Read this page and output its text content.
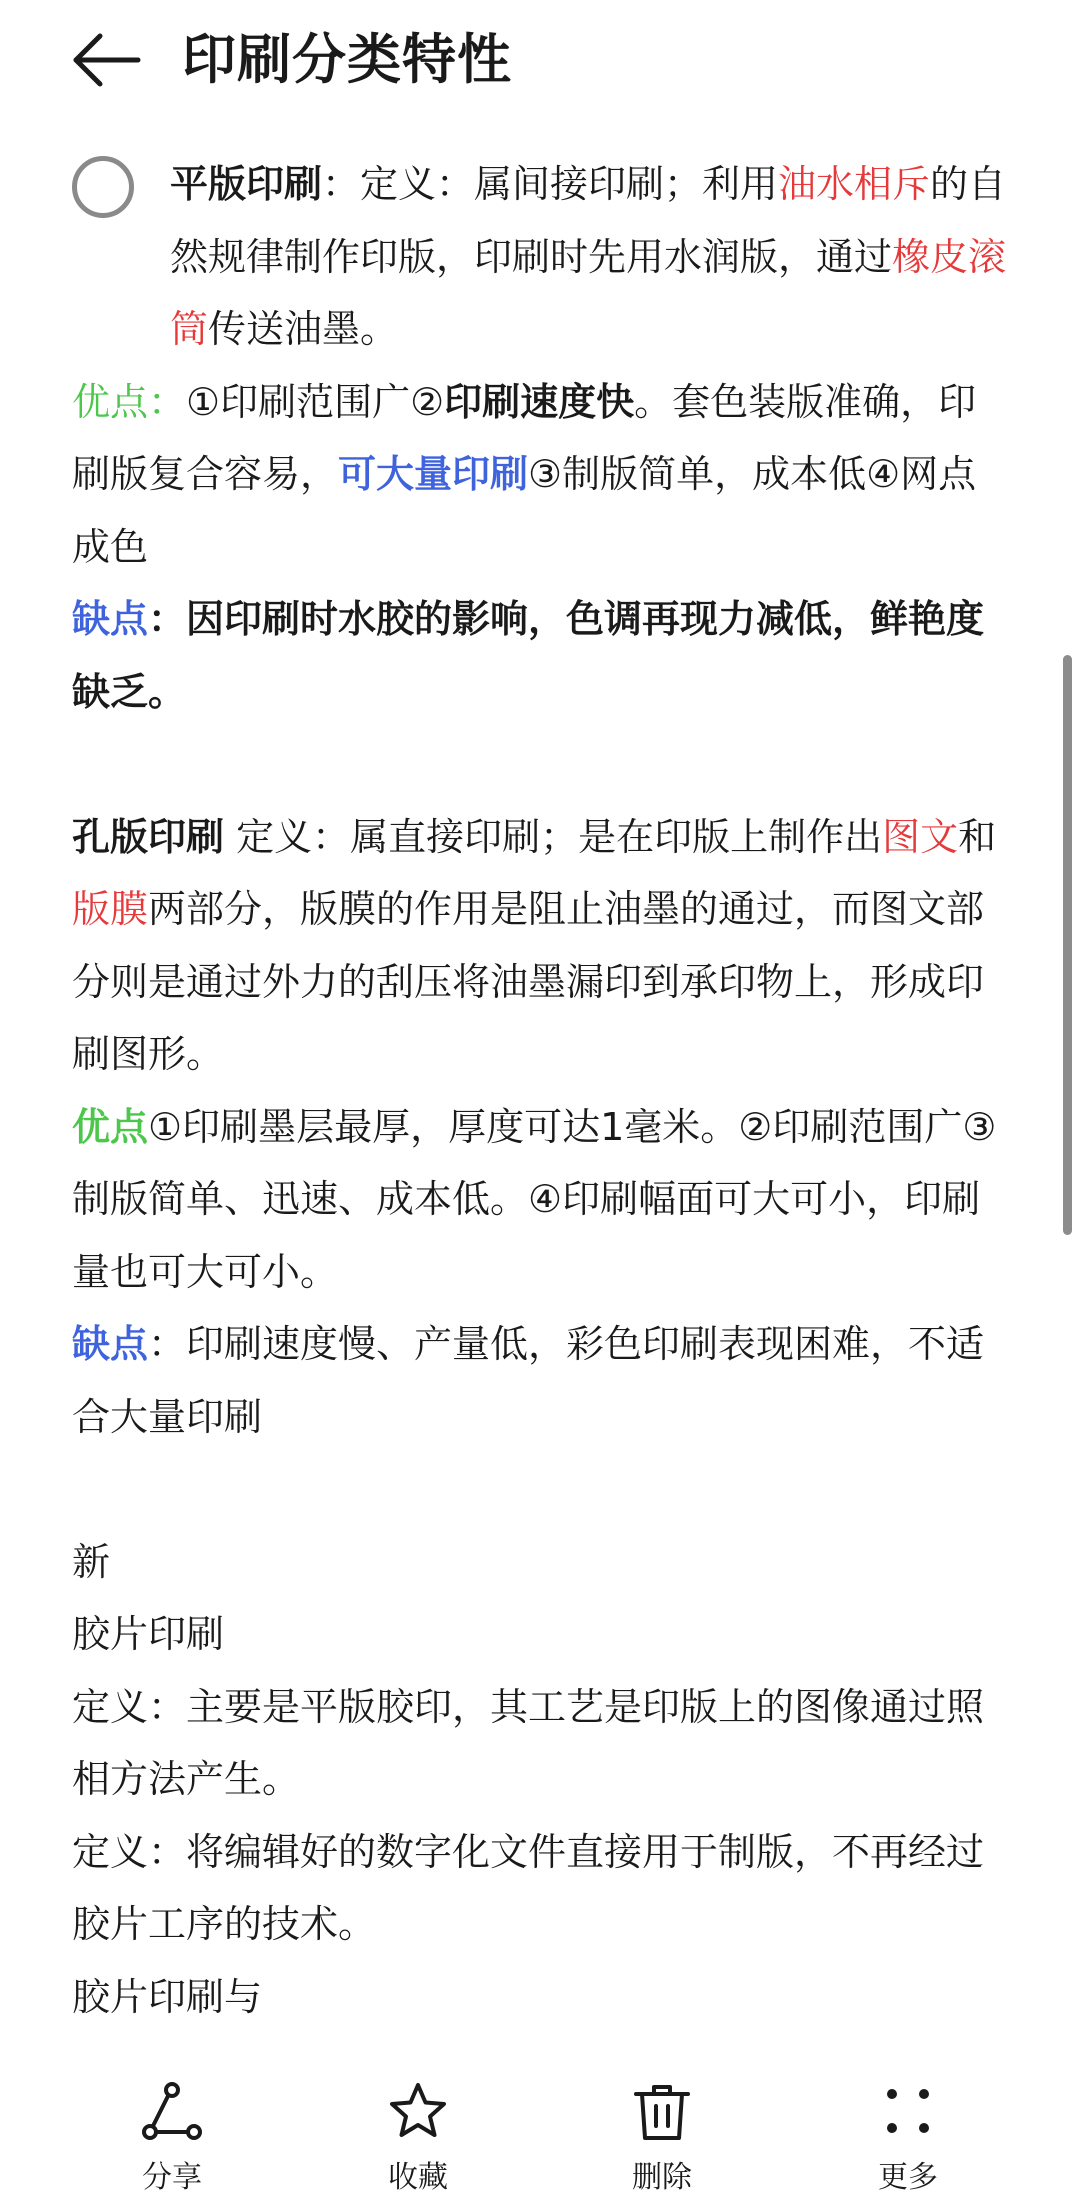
印刷分类特性

平版印刷：定义：属间接印刷；利用油水相斥的自然规律制作印版，印刷时先用水润版，通过橡皮滚筒传送油墨。

优点：①印刷范围广②印刷速度快。套色装版准确，印刷版复合容易，可大量印刷③制版简单，成本低④网点成色

缺点：因印刷时水胶的影响，色调再现力减低，鲜艳度缺乏。

孔版印刷 定义：属直接印刷；是在印版上制作出图文和版膜两部分，版膜的作用是阻止油墨的通过，而图文部分则是通过外力的刮压将油墨漏印到承印物上，形成印刷图形。

优点①印刷墨层最厚，厚度可达1毫米。②印刷范围广③制版简单、迅速、成本低。④印刷幅面可大可小，印刷量也可大可小。

缺点：印刷速度慢、产量低，彩色印刷表现困难，不适合大量印刷

新

胶片印刷

定义：主要是平版胶印，其工艺是印版上的图像通过照相方法产生。

定义：将编辑好的数字化文件直接用于制版，不再经过胶片工序的技术。

胶片印刷与

分享	收藏	删除	更多
